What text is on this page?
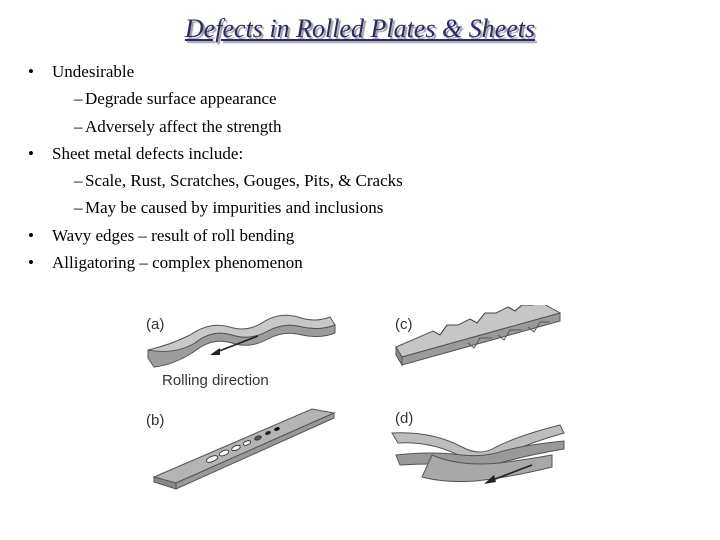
Defects in Rolled Plates & Sheets
• Undesirable
– Degrade surface appearance
– Adversely affect the strength
• Sheet metal defects include:
– Scale, Rust, Scratches, Gouges, Pits, & Cracks
– May be caused by impurities and inclusions
• Wavy edges – result of roll bending
• Alligatoring – complex phenomenon
(a)
Rolling direction
(b)
(c)
(d)
